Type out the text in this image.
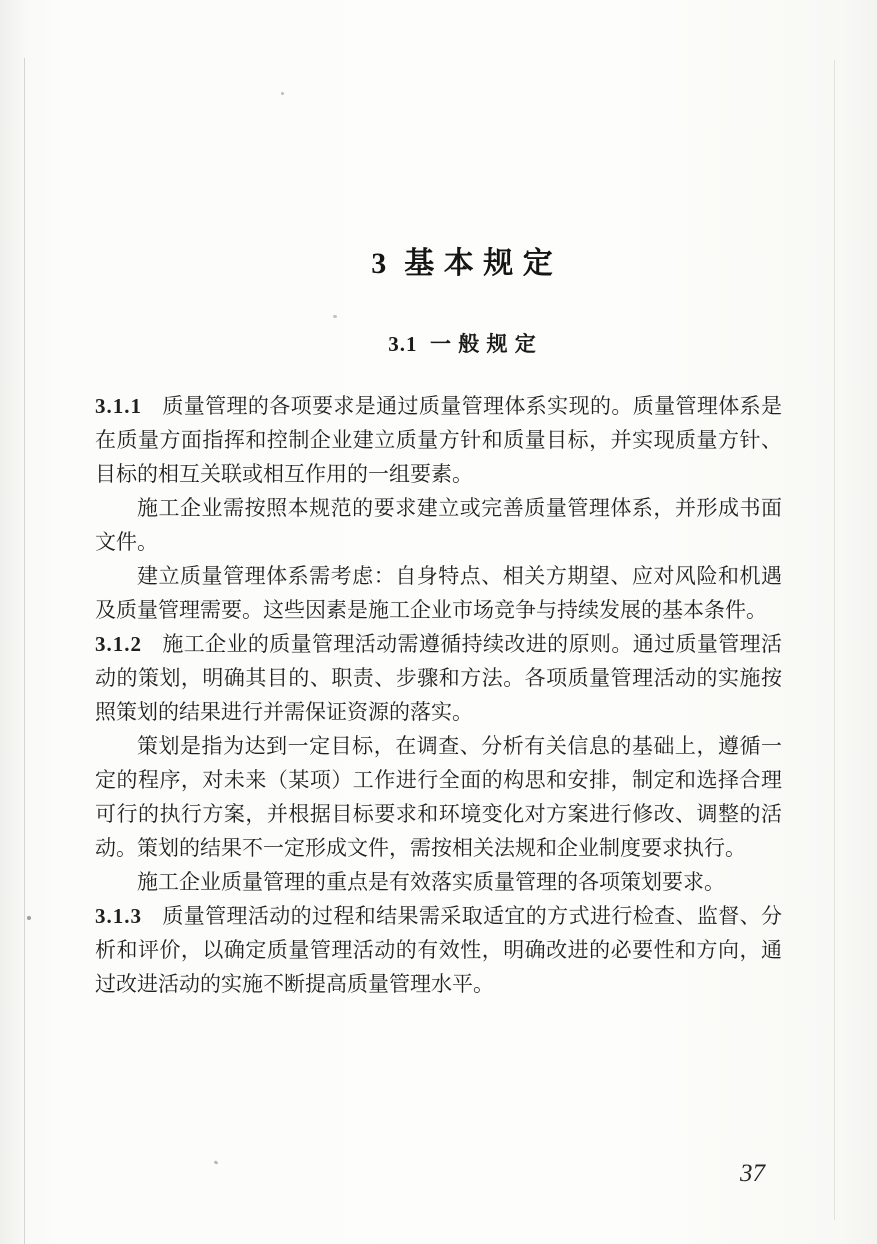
3  基 本 规 定
3.1  一 般 规 定

3.1.1 质量管理的各项要求是通过质量管理体系实现的。质量管理体系是在质量方面指挥和控制企业建立质量方针和质量目标，并实现质量方针、目标的相互关联或相互作用的一组要素。

施工企业需按照本规范的要求建立或完善质量管理体系，并形成书面文件。

建立质量管理体系需考虑：自身特点、相关方期望、应对风险和机遇及质量管理需要。这些因素是施工企业市场竞争与持续发展的基本条件。

3.1.2 施工企业的质量管理活动需遵循持续改进的原则。通过质量管理活动的策划，明确其目的、职责、步骤和方法。各项质量管理活动的实施按照策划的结果进行并需保证资源的落实。

策划是指为达到一定目标，在调查、分析有关信息的基础上，遵循一定的程序，对未来（某项）工作进行全面的构思和安排，制定和选择合理可行的执行方案，并根据目标要求和环境变化对方案进行修改、调整的活动。策划的结果不一定形成文件，需按相关法规和企业制度要求执行。

施工企业质量管理的重点是有效落实质量管理的各项策划要求。

3.1.3 质量管理活动的过程和结果需采取适宜的方式进行检查、监督、分析和评价，以确定质量管理活动的有效性，明确改进的必要性和方向，通过改进活动的实施不断提高质量管理水平。

37
